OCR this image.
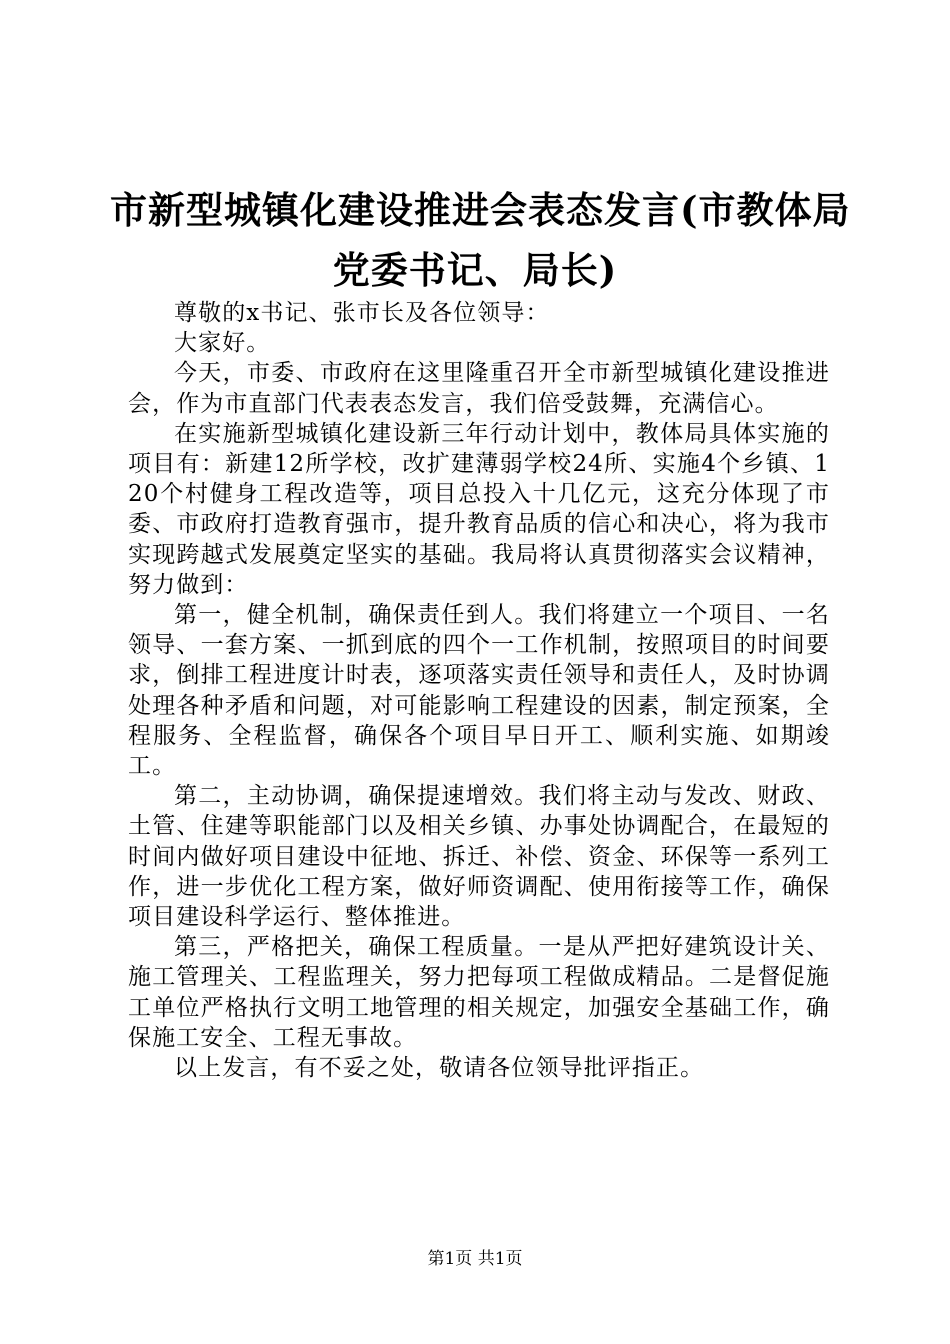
市新型城镇化建设推进会表态发言(市教体局
党委书记、局长)

尊敬的x书记、张市长及各位领导：

大家好。

今天，市委、市政府在这里隆重召开全市新型城镇化建设推进会，作为市直部门代表表态发言，我们倍受鼓舞，充满信心。

在实施新型城镇化建设新三年行动计划中，教体局具体实施的项目有：新建12所学校，改扩建薄弱学校24所、实施4个乡镇、120个村健身工程改造等，项目总投入十几亿元，这充分体现了市委、市政府打造教育强市，提升教育品质的信心和决心，将为我市实现跨越式发展奠定坚实的基础。我局将认真贯彻落实会议精神，努力做到：

第一，健全机制，确保责任到人。我们将建立一个项目、一名领导、一套方案、一抓到底的四个一工作机制，按照项目的时间要求，倒排工程进度计时表，逐项落实责任领导和责任人，及时协调处理各种矛盾和问题，对可能影响工程建设的因素，制定预案，全程服务、全程监督，确保各个项目早日开工、顺利实施、如期竣工。

第二，主动协调，确保提速增效。我们将主动与发改、财政、土管、住建等职能部门以及相关乡镇、办事处协调配合，在最短的时间内做好项目建设中征地、拆迁、补偿、资金、环保等一系列工作，进一步优化工程方案，做好师资调配、使用衔接等工作，确保项目建设科学运行、整体推进。

第三，严格把关，确保工程质量。一是从严把好建筑设计关、施工管理关、工程监理关，努力把每项工程做成精品。二是督促施工单位严格执行文明工地管理的相关规定，加强安全基础工作，确保施工安全、工程无事故。

以上发言，有不妥之处，敬请各位领导批评指正。

第1页 共1页
